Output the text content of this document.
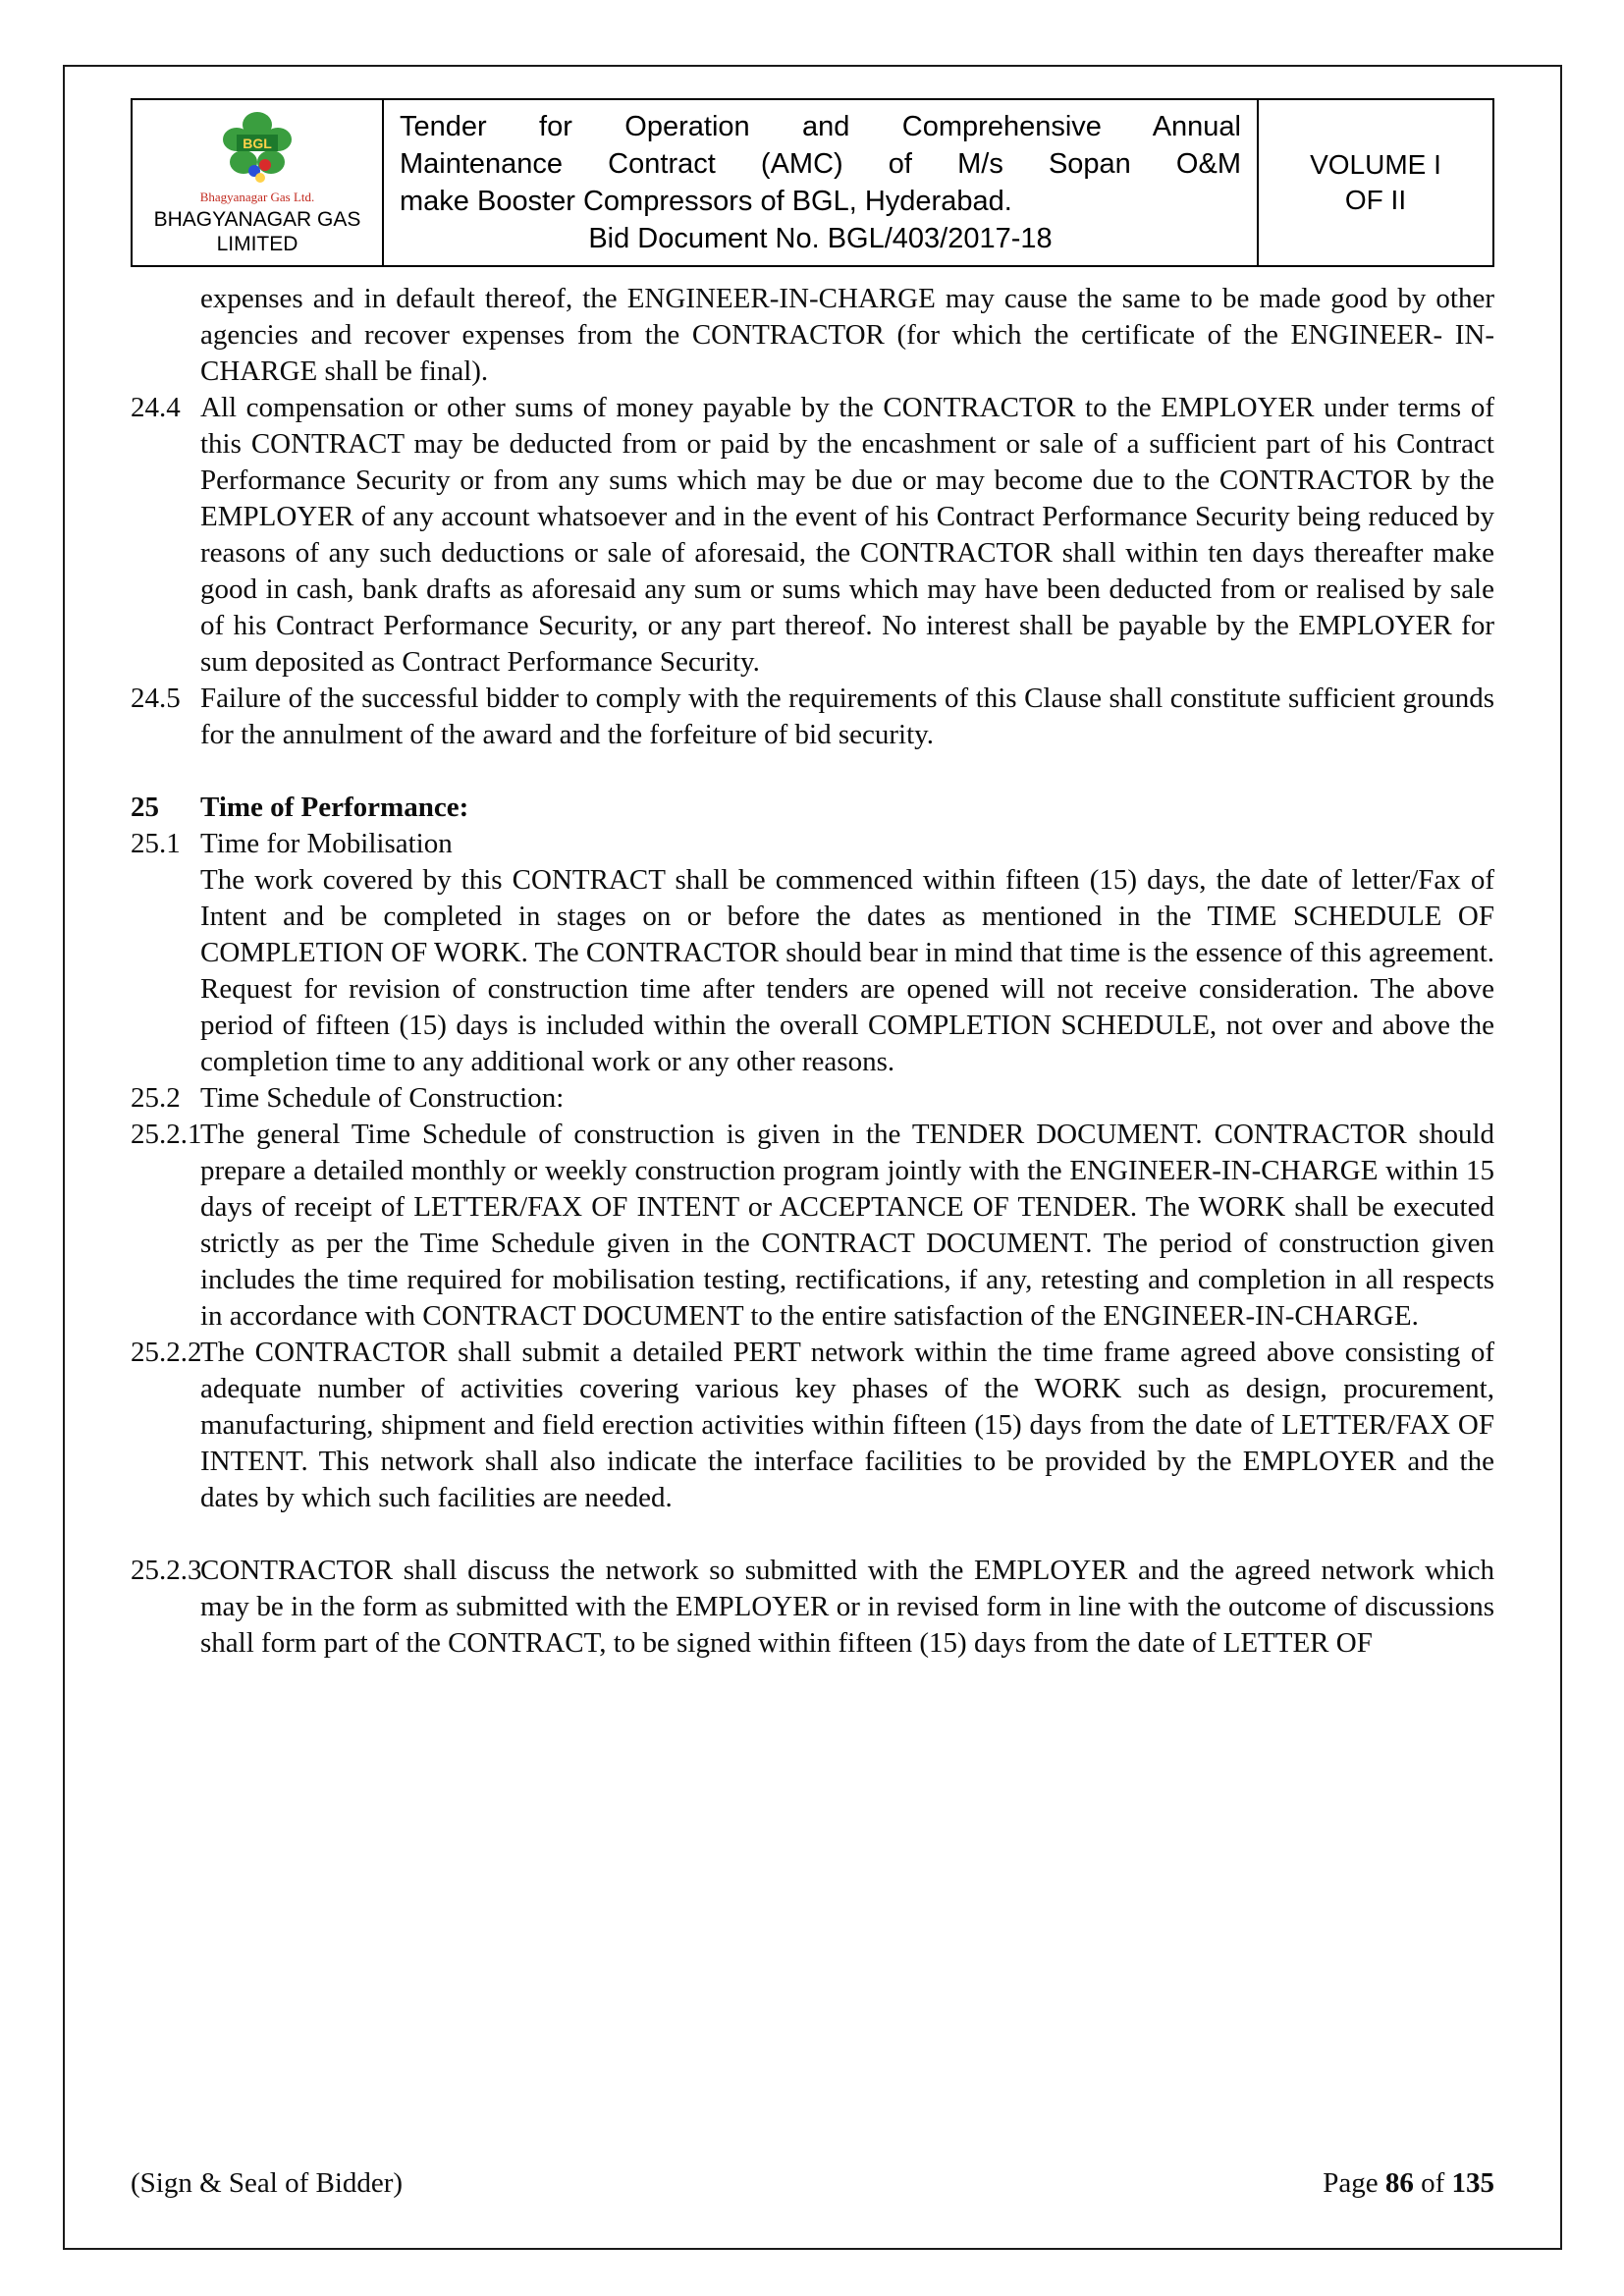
BGL
Bhagyanagar Gas Ltd.
BHAGYANAGAR GAS
LIMITED
Tender for Operation and Comprehensive Annual
Maintenance Contract (AMC) of M/s Sopan O&M
make Booster Compressors of BGL, Hyderabad.
Bid Document No. BGL/403/2017-18
VOLUME I
OF II
expenses and in default thereof, the ENGINEER-IN-CHARGE may cause the same to be made good by other agencies and recover expenses from the CONTRACTOR (for which the certificate of the ENGINEER- IN-CHARGE shall be final).
24.4 All compensation or other sums of money payable by the CONTRACTOR to the EMPLOYER under terms of this CONTRACT may be deducted from or paid by the encashment or sale of a sufficient part of his Contract Performance Security or from any sums which may be due or may become due to the CONTRACTOR by the EMPLOYER of any account whatsoever and in the event of his Contract Performance Security being reduced by reasons of any such deductions or sale of aforesaid, the CONTRACTOR shall within ten days thereafter make good in cash, bank drafts as aforesaid any sum or sums which may have been deducted from or realised by sale of his Contract Performance Security, or any part thereof. No interest shall be payable by the EMPLOYER for sum deposited as Contract Performance Security.
24.5 Failure of the successful bidder to comply with the requirements of this Clause shall constitute sufficient grounds for the annulment of the award and the forfeiture of bid security.
25	Time of Performance:
25.1 Time for Mobilisation
The work covered by this CONTRACT shall be commenced within fifteen (15) days, the date of letter/Fax of Intent and be completed in stages on or before the dates as mentioned in the TIME SCHEDULE OF COMPLETION OF WORK. The CONTRACTOR should bear in mind that time is the essence of this agreement. Request for revision of construction time after tenders are opened will not receive consideration. The above period of fifteen (15) days is included within the overall COMPLETION SCHEDULE, not over and above the completion time to any additional work or any other reasons.
25.2 Time Schedule of Construction:
25.2.1
The general Time Schedule of construction is given in the TENDER DOCUMENT. CONTRACTOR should prepare a detailed monthly or weekly construction program jointly with the ENGINEER-IN-CHARGE within 15 days of receipt of LETTER/FAX OF INTENT or ACCEPTANCE OF TENDER. The WORK shall be executed strictly as per the Time Schedule given in the CONTRACT DOCUMENT. The period of construction given includes the time required for mobilisation testing, rectifications, if any, retesting and completion in all respects in accordance with CONTRACT DOCUMENT to the entire satisfaction of the ENGINEER-IN-CHARGE.
25.2.2
The CONTRACTOR shall submit a detailed PERT network within the time frame agreed above consisting of adequate number of activities covering various key phases of the WORK such as design, procurement, manufacturing, shipment and field erection activities within fifteen (15) days from the date of LETTER/FAX OF INTENT. This network shall also indicate the interface facilities to be provided by the EMPLOYER and the dates by which such facilities are needed.
25.2.3
CONTRACTOR shall discuss the network so submitted with the EMPLOYER and the agreed network which may be in the form as submitted with the EMPLOYER or in revised form in line with the outcome of discussions shall form part of the CONTRACT, to be signed within fifteen (15) days from the date of LETTER OF
(Sign & Seal of Bidder)	Page 86 of 135
